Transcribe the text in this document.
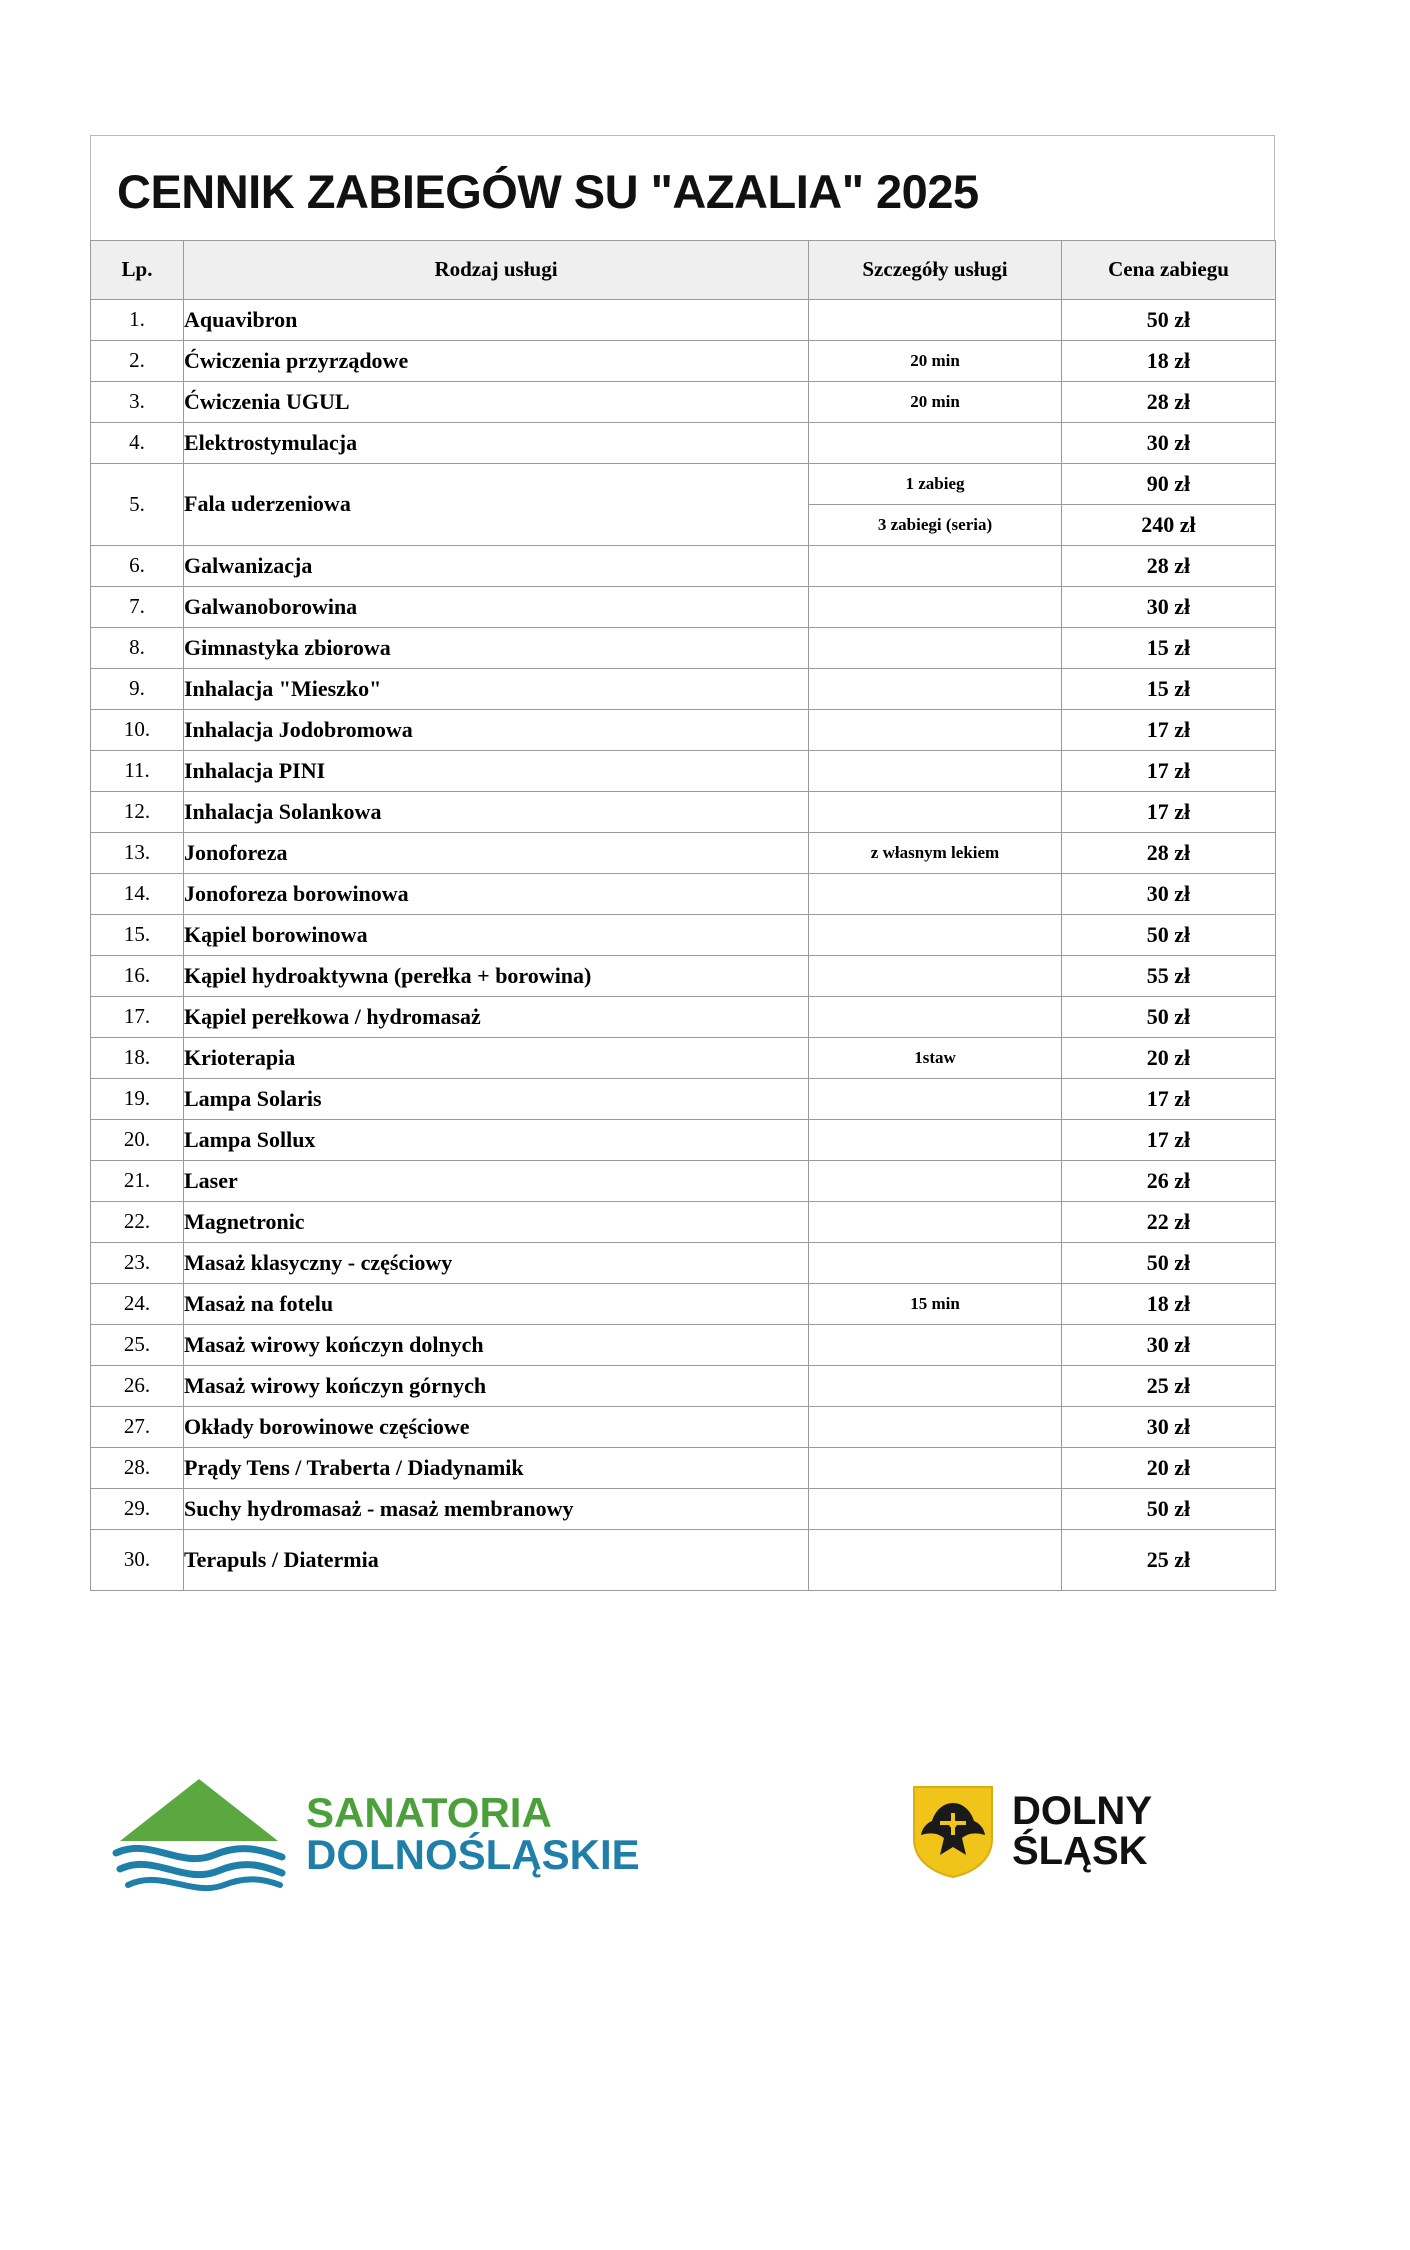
CENNIK ZABIEGÓW SU "AZALIA" 2025
Lp.	Rodzaj usługi	Szczegóły usługi	Cena zabiegu
1.	Aquavibron		50 zł
2.	Ćwiczenia przyrządowe	20 min	18 zł
3.	Ćwiczenia UGUL	20 min	28 zł
4.	Elektrostymulacja		30 zł
5.	Fala uderzeniowa	1 zabieg	90 zł
		3 zabiegi (seria)	240 zł
6.	Galwanizacja		28 zł
7.	Galwanoborowina		30 zł
8.	Gimnastyka zbiorowa		15 zł
9.	Inhalacja "Mieszko"		15 zł
10.	Inhalacja Jodobromowa		17 zł
11.	Inhalacja PINI		17 zł
12.	Inhalacja Solankowa		17 zł
13.	Jonoforeza	z własnym lekiem	28 zł
14.	Jonoforeza borowinowa		30 zł
15.	Kąpiel borowinowa		50 zł
16.	Kąpiel hydroaktywna (perełka + borowina)		55 zł
17.	Kąpiel perełkowa / hydromasaż		50 zł
18.	Krioterapia	1staw	20 zł
19.	Lampa Solaris		17 zł
20.	Lampa Sollux		17 zł
21.	Laser		26 zł
22.	Magnetronic		22 zł
23.	Masaż klasyczny - częściowy		50 zł
24.	Masaż na fotelu	15 min	18 zł
25.	Masaż wirowy kończyn dolnych		30 zł
26.	Masaż wirowy kończyn górnych		25 zł
27.	Okłady borowinowe częściowe		30 zł
28.	Prądy Tens / Traberta / Diadynamik		20 zł
29.	Suchy hydromasaż - masaż membranowy		50 zł
30.	Terapuls / Diatermia		25 zł
SANATORIA
DOLNOŚLĄSKIE
DOLNY
ŚLĄSK
